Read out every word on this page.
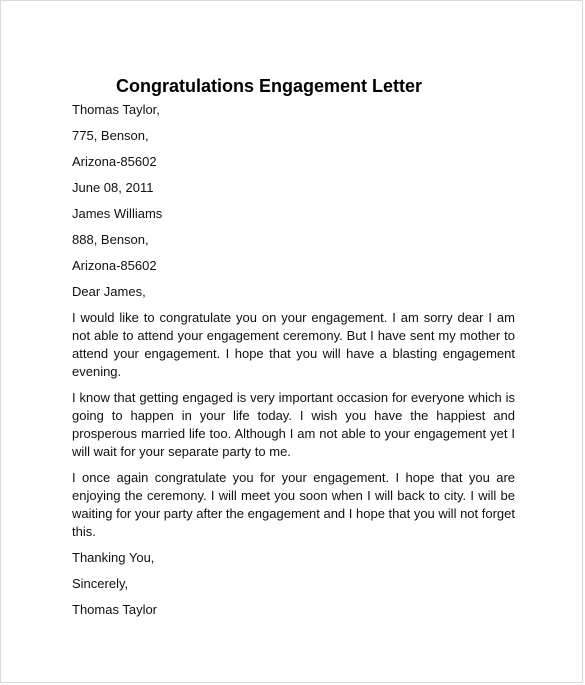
Congratulations Engagement Letter
Thomas Taylor,
775, Benson,
Arizona-85602
June 08, 2011
James Williams
888, Benson,
Arizona-85602
Dear James,
I would like to congratulate you on your engagement. I am sorry dear I am not able to attend your engagement ceremony. But I have sent my mother to attend your engagement. I hope that you will have a blasting engagement evening.
I know that getting engaged is very important occasion for everyone which is going to happen in your life today. I wish you have the happiest and prosperous married life too. Although I am not able to your engagement yet I will wait for your separate party to me.
I once again congratulate you for your engagement. I hope that you are enjoying the ceremony. I will meet you soon when I will back to city. I will be waiting for your party after the engagement and I hope that you will not forget this.
Thanking You,
Sincerely,
Thomas Taylor
